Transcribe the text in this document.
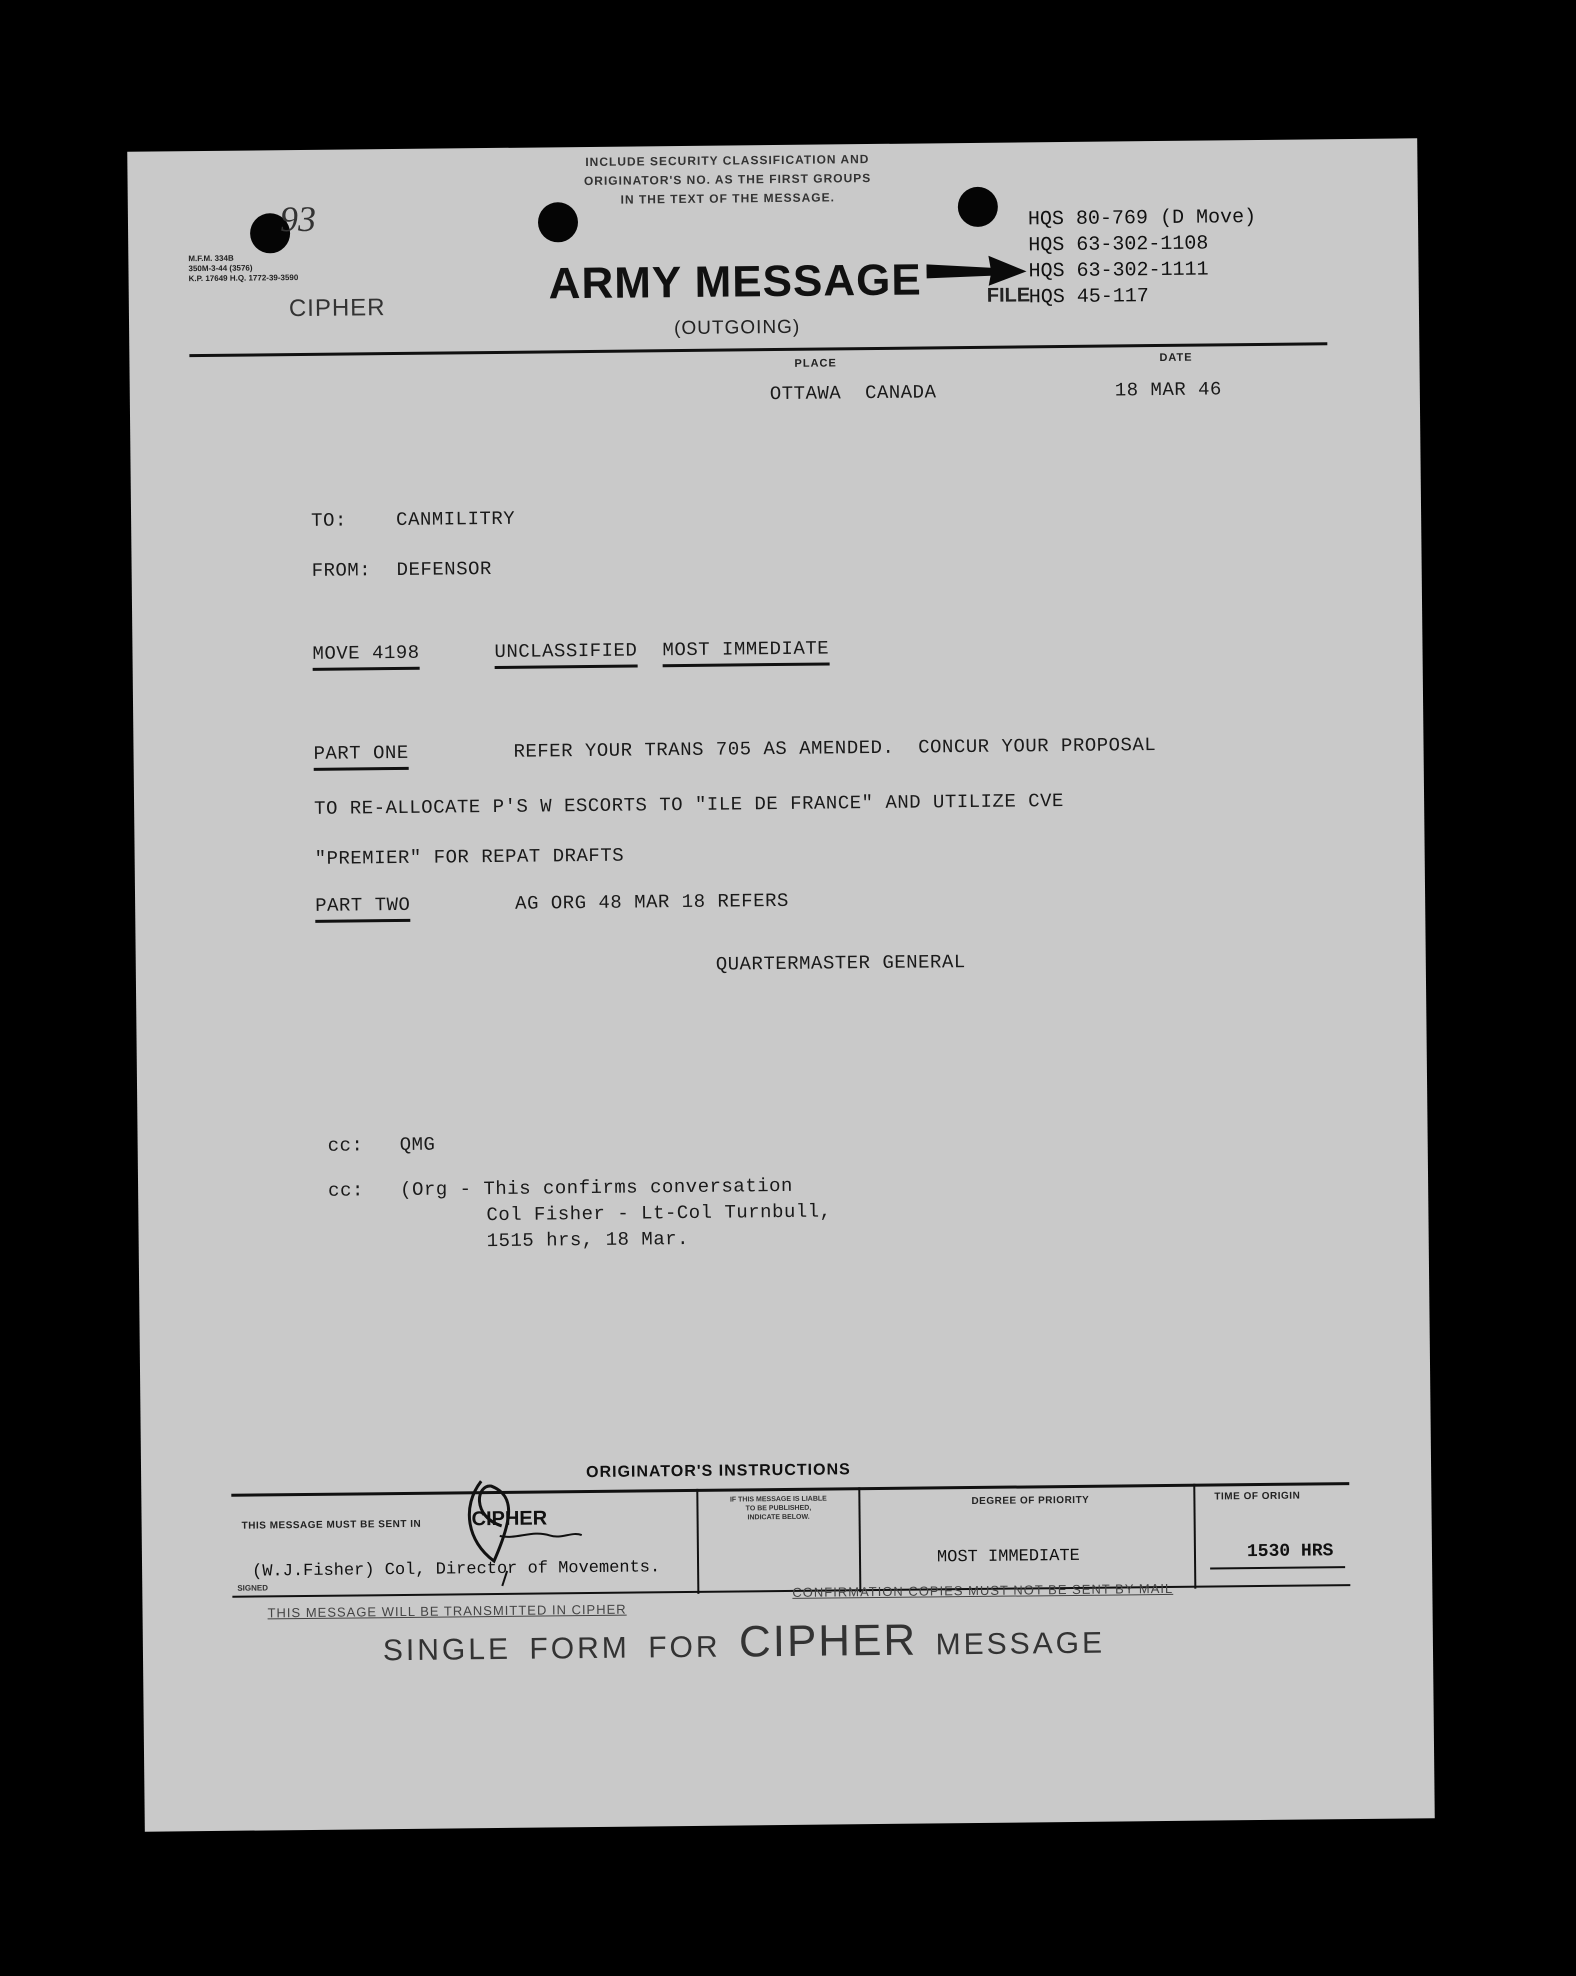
INCLUDE SECURITY CLASSIFICATION AND
ORIGINATOR'S NO. AS THE FIRST GROUPS
IN THE TEXT OF THE MESSAGE.
93
M.F.M. 334B
350M-3-44 (3576)
K.P. 17649 H.Q. 1772-39-3590
CIPHER	ARMY MESSAGE
(OUTGOING)
FILE
HQS 80-769 (D Move)
HQS 63-302-1108
HQS 63-302-1111
HQS 45-117
PLACE
OTTAWA  CANADA
DATE
18 MAR 46
TO:	CANMILITRY
FROM: DEFENSOR
MOVE 4198	UNCLASSIFIED MOST IMMEDIATE
PART ONE	REFER YOUR TRANS 705 AS AMENDED.  CONCUR YOUR PROPOSAL
TO RE-ALLOCATE P'S W ESCORTS TO "ILE DE FRANCE" AND UTILIZE CVE
"PREMIER" FOR REPAT DRAFTS
PART TWO	AG ORG 48 MAR 18 REFERS
QUARTERMASTER GENERAL
cc: QMG
cc: (Org - This confirms conversation
Col Fisher - Lt-Col Turnbull,
1515 hrs, 18 Mar.
ORIGINATOR'S INSTRUCTIONS
THIS MESSAGE MUST BE SENT IN	CIPHER
IF THIS MESSAGE IS LIABLE
TO BE PUBLISHED,
INDICATE BELOW.
DEGREE OF PRIORITY
MOST IMMEDIATE
TIME OF ORIGIN
1530 HRS
(W.J.Fisher) Col, Director of Movements.
SIGNED
THIS MESSAGE WILL BE TRANSMITTED IN CIPHER
CONFIRMATION COPIES MUST NOT BE SENT BY MAIL
SINGLE FORM FOR CIPHER MESSAGE
